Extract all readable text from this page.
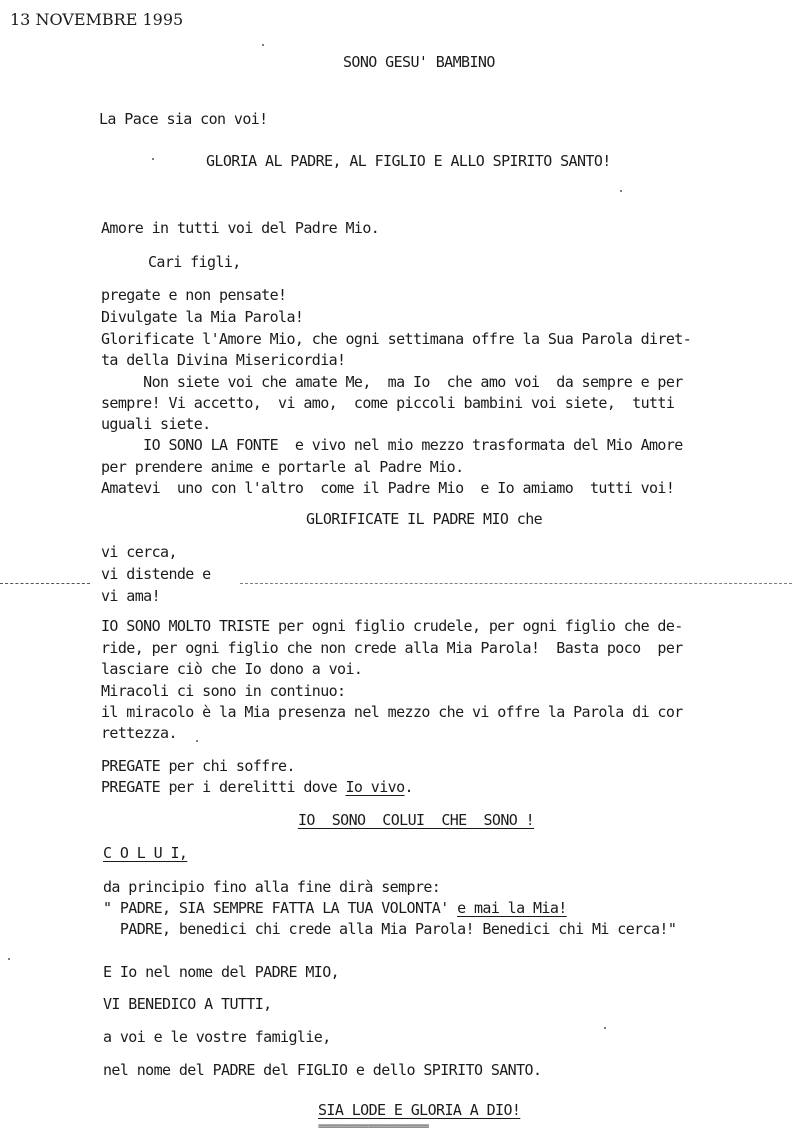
13 NOVEMBRE 1995
SONO GESU' BAMBINO
La Pace sia con voi!
GLORIA AL PADRE, AL FIGLIO E ALLO SPIRITO SANTO!
Amore in tutti voi del Padre Mio.
Cari figli,
pregate e non pensate!
Divulgate la Mia Parola!
Glorificate l'Amore Mio, che ogni settimana offre la Sua Parola diret-
ta della Divina Misericordia!
Non siete voi che amate Me,  ma Io  che amo voi  da sempre e per
sempre! Vi accetto,  vi amo,  come piccoli bambini voi siete,  tutti
uguali siete.
IO SONO LA FONTE  e vivo nel mio mezzo trasformata del Mio Amore
per prendere anime e portarle al Padre Mio.
Amatevi  uno con l'altro  come il Padre Mio  e Io amiamo  tutti voi!
GLORIFICATE IL PADRE MIO che
vi cerca,
vi distende e
vi ama!
IO SONO MOLTO TRISTE per ogni figlio crudele, per ogni figlio che de-
ride, per ogni figlio che non crede alla Mia Parola!  Basta poco  per
lasciare ciò che Io dono a voi.
Miracoli ci sono in continuo:
il miracolo è la Mia presenza nel mezzo che vi offre la Parola di cor
rettezza.
PREGATE per chi soffre.
PREGATE per i derelitti dove Io vivo.
IO  SONO  COLUI  CHE  SONO !
C O L U I,
da principio fino alla fine dirà sempre:
" PADRE, SIA SEMPRE FATTA LA TUA VOLONTA' e mai la Mia!
PADRE, benedici chi crede alla Mia Parola! Benedici chi Mi cerca!"
E Io nel nome del PADRE MIO,
VI BENEDICO A TUTTI,
a voi e le vostre famiglie,
nel nome del PADRE del FIGLIO e dello SPIRITO SANTO.
SIA LODE E GLORIA A DIO!
======================
